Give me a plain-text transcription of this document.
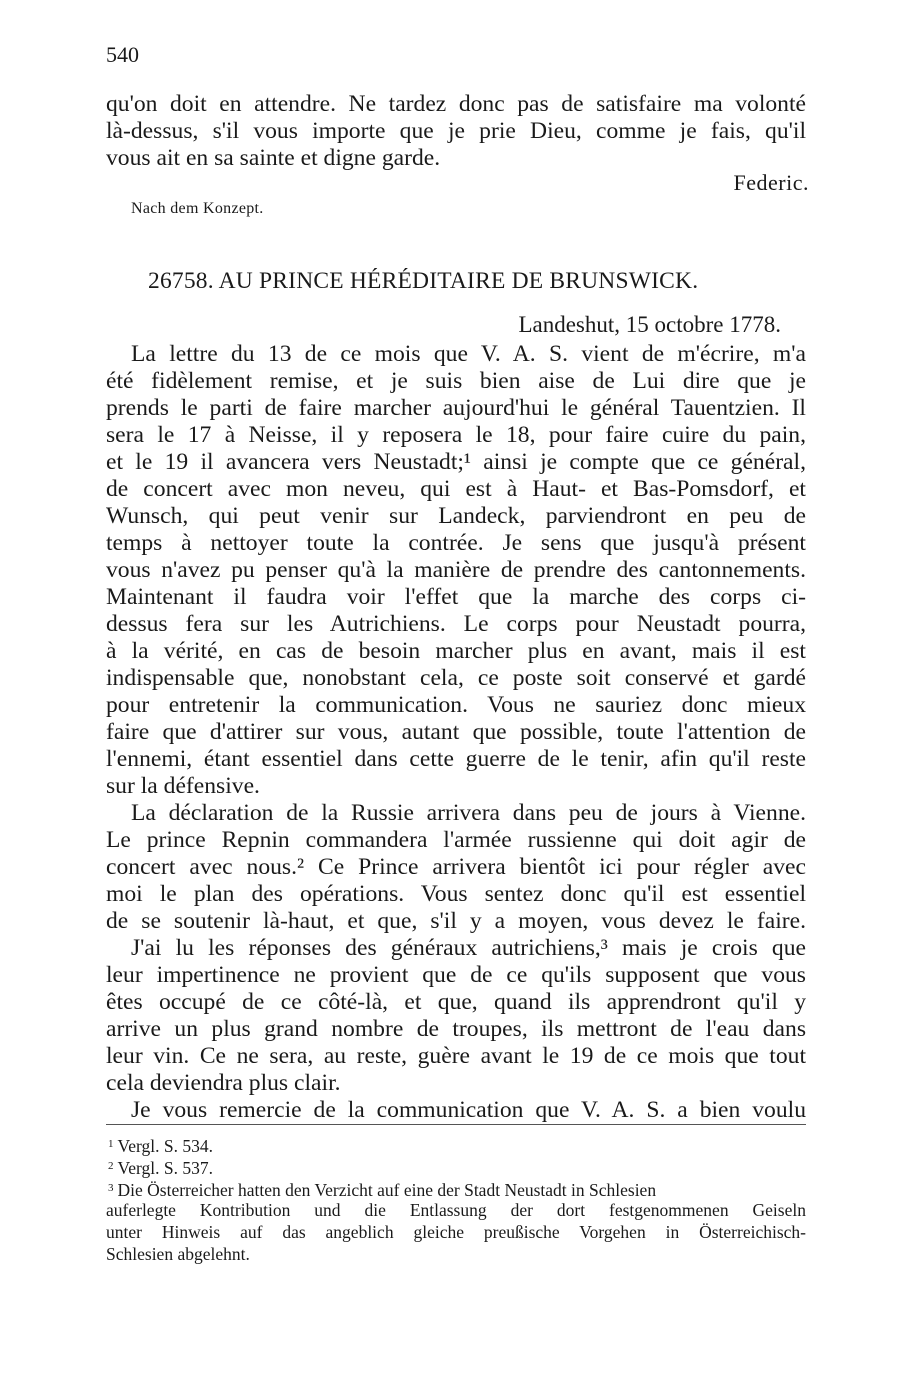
540
qu'on doit en attendre. Ne tardez donc pas de satisfaire ma volonté
là-dessus, s'il vous importe que je prie Dieu, comme je fais, qu'il
vous ait en sa sainte et digne garde.
Federic.
Nach dem Konzept.
26758. AU PRINCE HÉRÉDITAIRE DE BRUNSWICK.
Landeshut, 15 octobre 1778.
La lettre du 13 de ce mois que V. A. S. vient de m'écrire, m'a
été fidèlement remise, et je suis bien aise de Lui dire que je
prends le parti de faire marcher aujourd'hui le général Tauentzien. Il
sera le 17 à Neisse, il y reposera le 18, pour faire cuire du pain,
et le 19 il avancera vers Neustadt;¹ ainsi je compte que ce général,
de concert avec mon neveu, qui est à Haut- et Bas-Pomsdorf, et
Wunsch, qui peut venir sur Landeck, parviendront en peu de
temps à nettoyer toute la contrée. Je sens que jusqu'à présent
vous n'avez pu penser qu'à la manière de prendre des cantonnements.
Maintenant il faudra voir l'effet que la marche des corps ci-
dessus fera sur les Autrichiens. Le corps pour Neustadt pourra,
à la vérité, en cas de besoin marcher plus en avant, mais il est
indispensable que, nonobstant cela, ce poste soit conservé et gardé
pour entretenir la communication. Vous ne sauriez donc mieux
faire que d'attirer sur vous, autant que possible, toute l'attention de
l'ennemi, étant essentiel dans cette guerre de le tenir, afin qu'il reste
sur la défensive.
La déclaration de la Russie arrivera dans peu de jours à Vienne.
Le prince Repnin commandera l'armée russienne qui doit agir de
concert avec nous.² Ce Prince arrivera bientôt ici pour régler avec
moi le plan des opérations. Vous sentez donc qu'il est essentiel
de se soutenir là-haut, et que, s'il y a moyen, vous devez le faire.
J'ai lu les réponses des généraux autrichiens,³ mais je crois que
leur impertinence ne provient que de ce qu'ils supposent que vous
êtes occupé de ce côté-là, et que, quand ils apprendront qu'il y
arrive un plus grand nombre de troupes, ils mettront de l'eau dans
leur vin. Ce ne sera, au reste, guère avant le 19 de ce mois que tout
cela deviendra plus clair.
Je vous remercie de la communication que V. A. S. a bien voulu
$^1$ Vergl. S. 534.
$^2$ Vergl. S. 537.
$^3$ Die Österreicher hatten den Verzicht auf eine der Stadt Neustadt in Schlesien
auferlegte Kontribution und die Entlassung der dort festgenommenen Geiseln
unter Hinweis auf das angeblich gleiche preußische Vorgehen in Österreichisch-
Schlesien abgelehnt.
